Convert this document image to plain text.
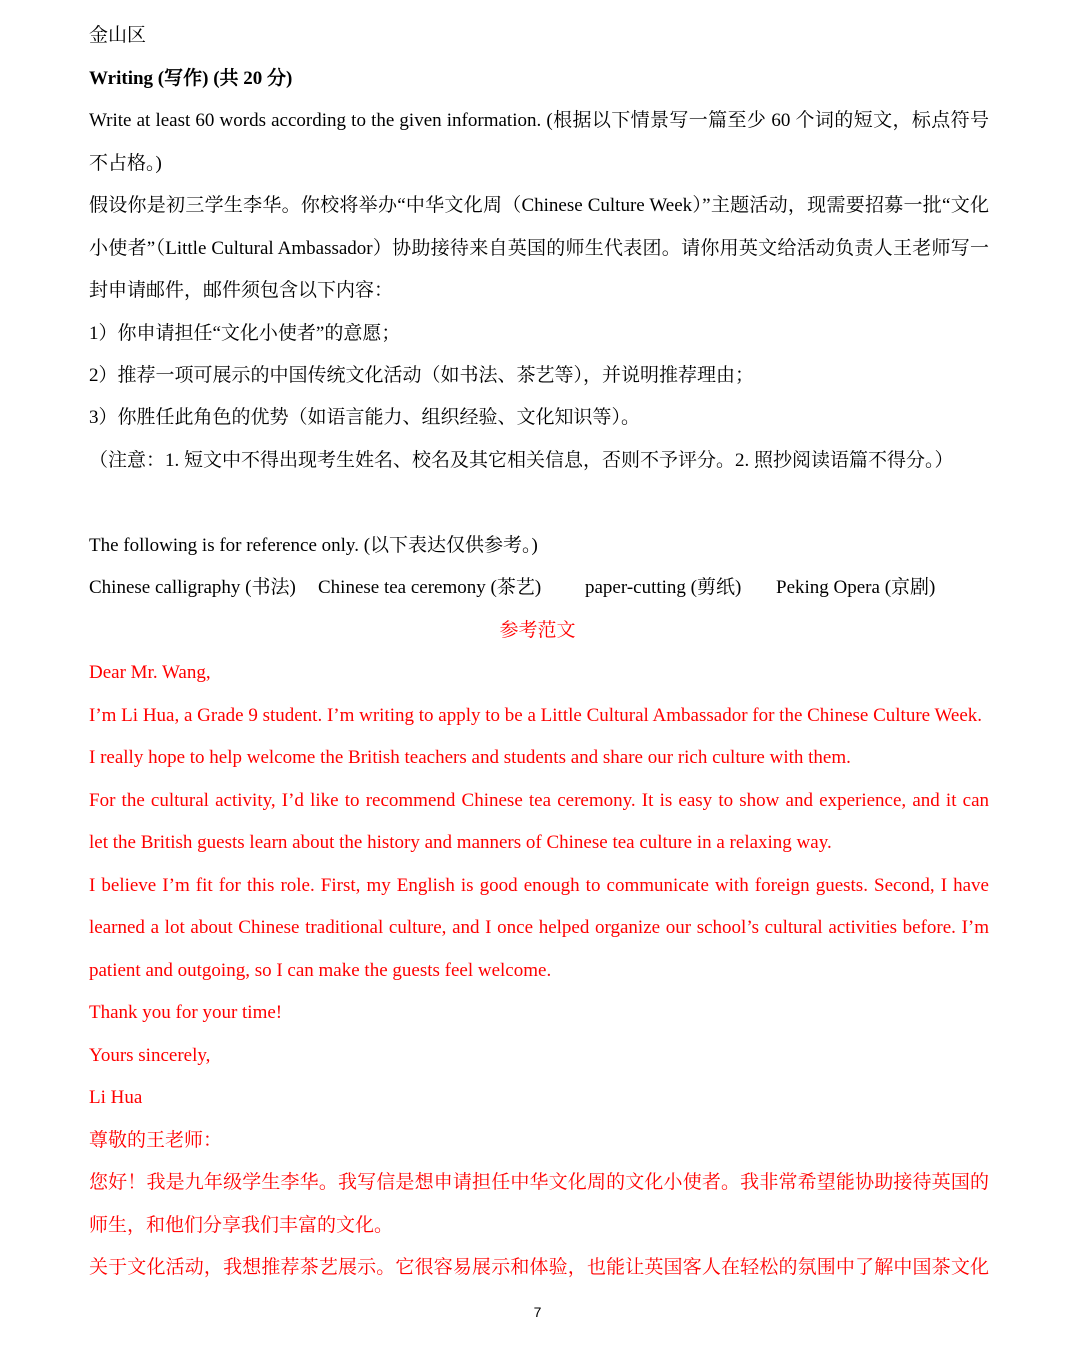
金山区
Writing (写作) (共 20 分)
Write at least 60 words according to the given information. (根据以下情景写一篇至少 60 个词的短文，标点符号
不占格。)
假设你是初三学生李华。你校将举办“中华文化周（Chinese Culture Week）”主题活动，现需要招募一批“文化
小使者”（Little Cultural Ambassador）协助接待来自英国的师生代表团。请你用英文给活动负责人王老师写一
封申请邮件，邮件须包含以下内容：
1）你申请担任“文化小使者”的意愿；
2）推荐一项可展示的中国传统文化活动（如书法、茶艺等），并说明推荐理由；
3）你胜任此角色的优势（如语言能力、组织经验、文化知识等）。
（注意：1. 短文中不得出现考生姓名、校名及其它相关信息，否则不予评分。2. 照抄阅读语篇不得分。）
The following is for reference only. (以下表达仅供参考。)
Chinese calligraphy (书法) Chinese tea ceremony (茶艺) paper-cutting (剪纸) Peking Opera (京剧)
参考范文
Dear Mr. Wang,
I’m Li Hua, a Grade 9 student. I’m writing to apply to be a Little Cultural Ambassador for the Chinese Culture Week.
I really hope to help welcome the British teachers and students and share our rich culture with them.
For the cultural activity, I’d like to recommend Chinese tea ceremony. It is easy to show and experience, and it can
let the British guests learn about the history and manners of Chinese tea culture in a relaxing way.
I believe I’m fit for this role. First, my English is good enough to communicate with foreign guests. Second, I have
learned a lot about Chinese traditional culture, and I once helped organize our school’s cultural activities before. I’m
patient and outgoing, so I can make the guests feel welcome.
Thank you for your time!
Yours sincerely,
Li Hua
尊敬的王老师：
您好！我是九年级学生李华。我写信是想申请担任中华文化周的文化小使者。我非常希望能协助接待英国的
师生，和他们分享我们丰富的文化。
关于文化活动，我想推荐茶艺展示。它很容易展示和体验，也能让英国客人在轻松的氛围中了解中国茶文化
7
